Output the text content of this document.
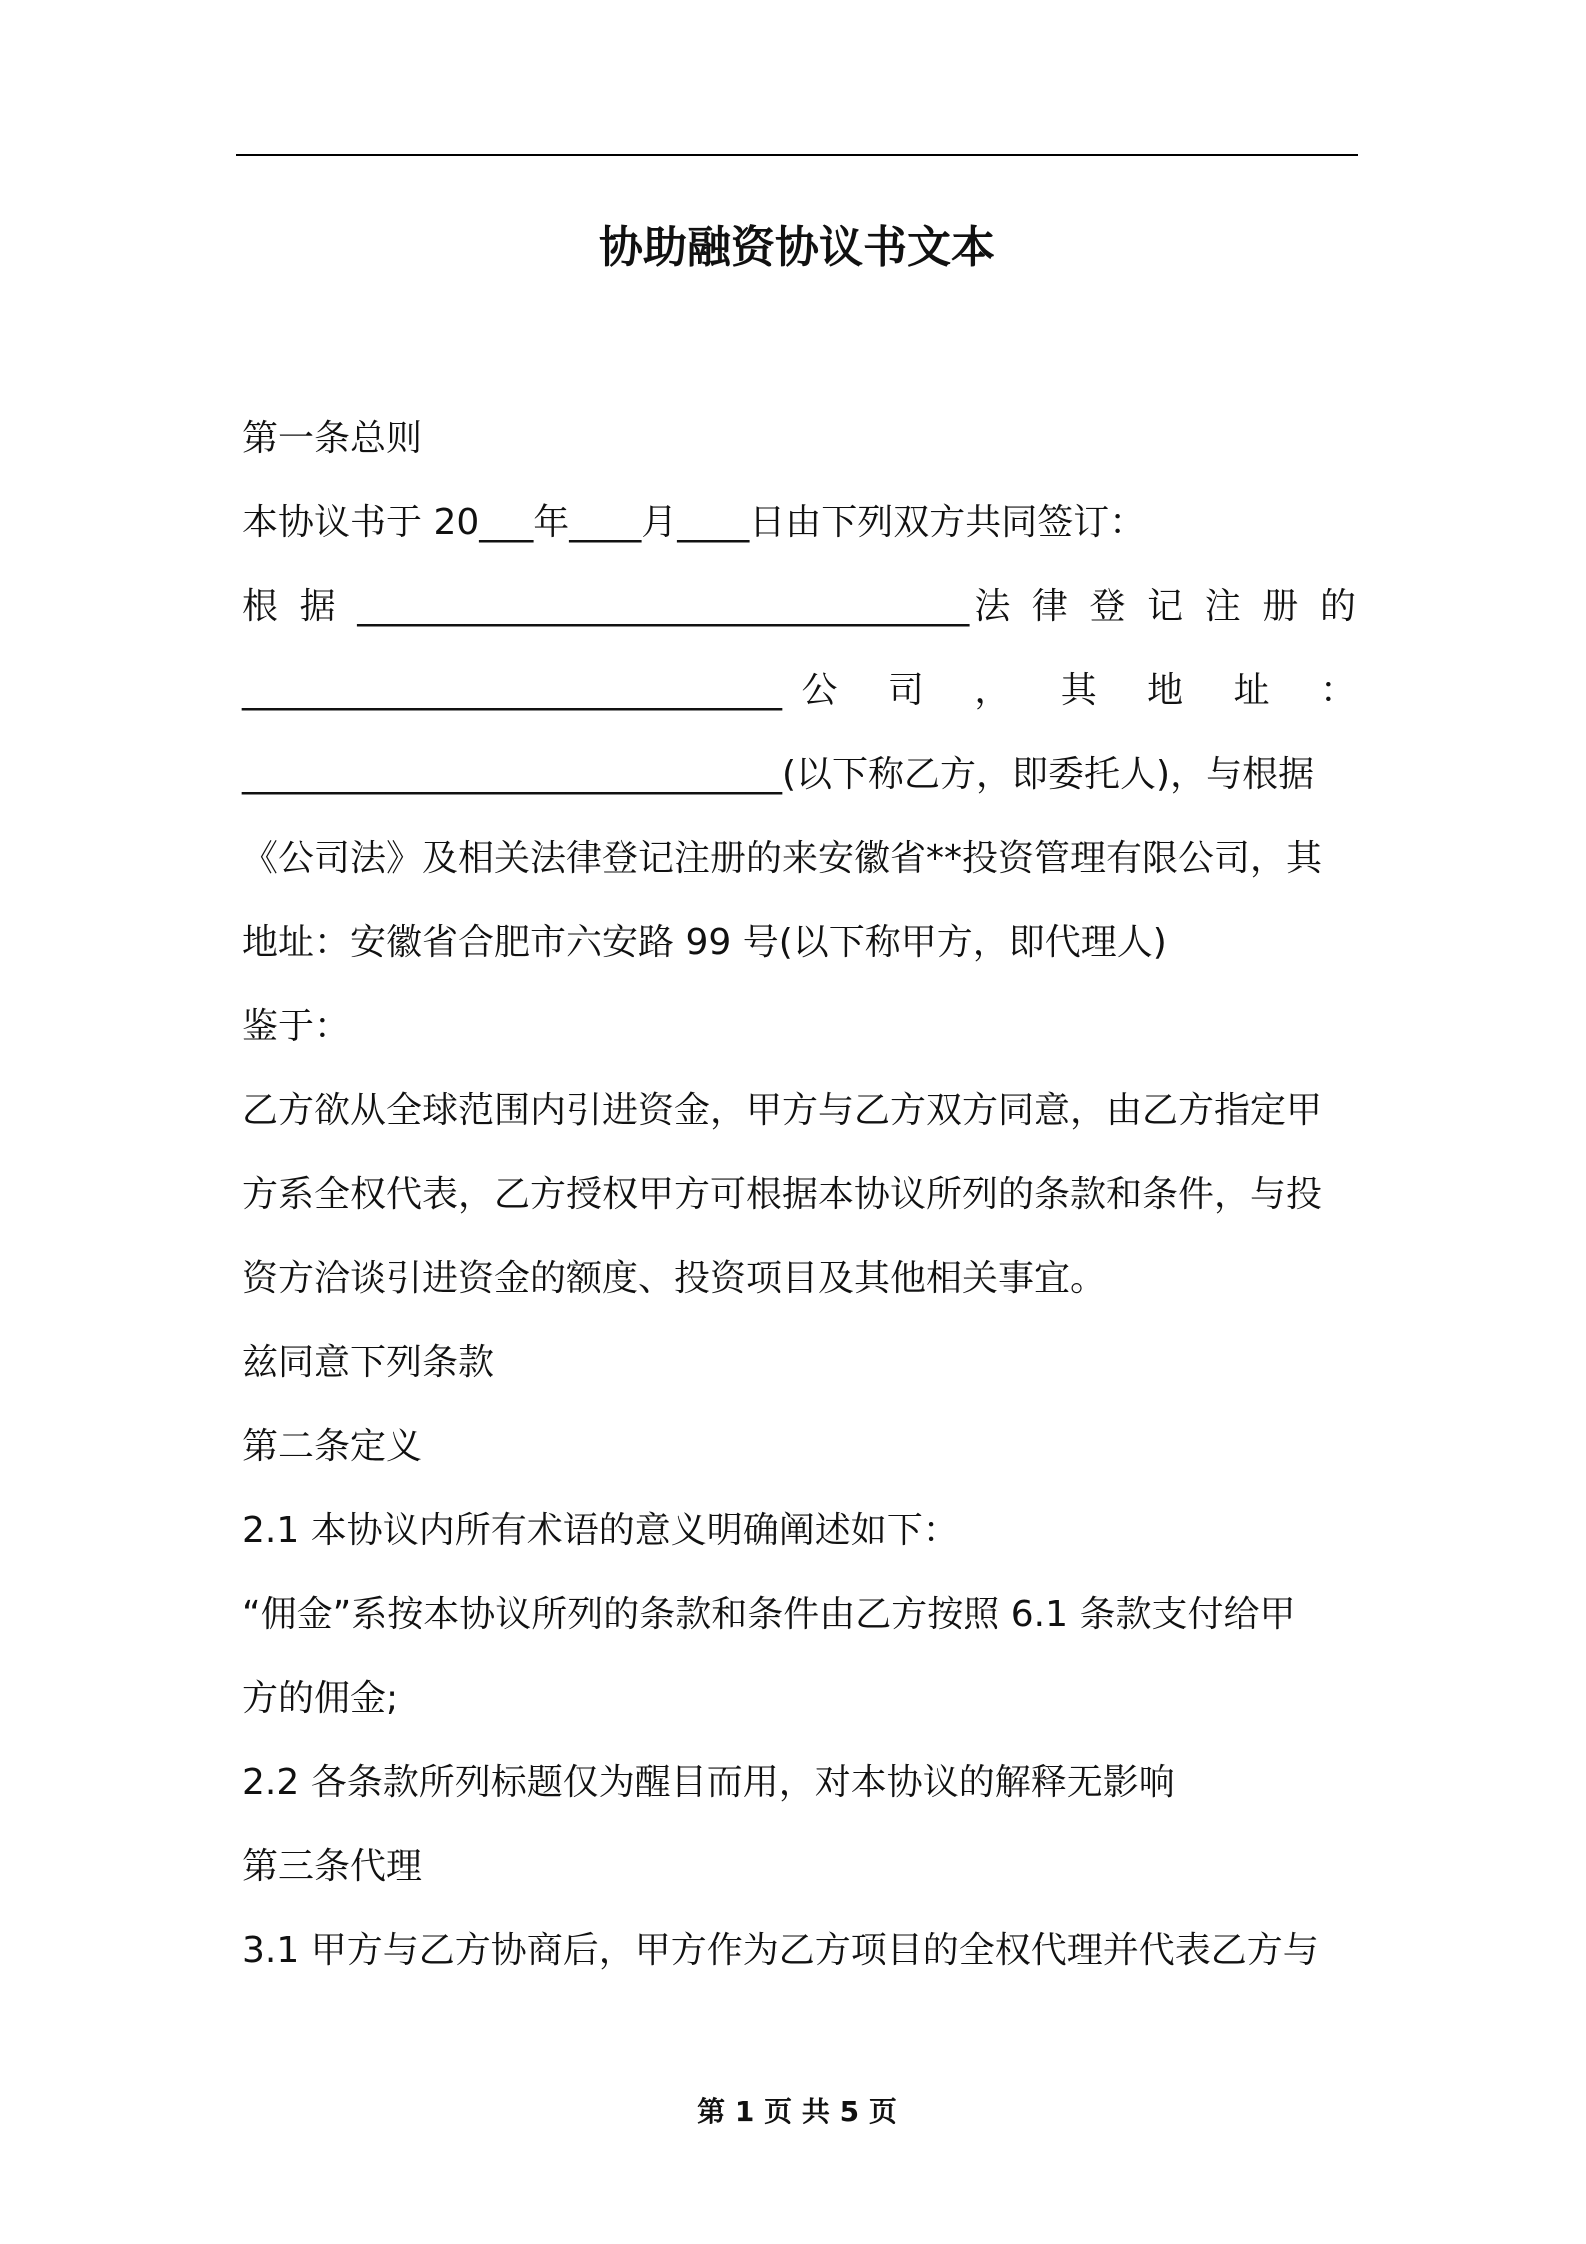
协助融资协议书文本
第一条总则
本协议书于 20___年____月____日由下列双方共同签订：
根 据 __________________________________法 律 登 记 注 册 的
______________________________公 司 ， 其 地 址 ：
______________________________(以下称乙方，即委托人)，与根据
《公司法》及相关法律登记注册的来安徽省**投资管理有限公司，其
地址：安徽省合肥市六安路 99 号(以下称甲方，即代理人)
鉴于：
乙方欲从全球范围内引进资金，甲方与乙方双方同意，由乙方指定甲
方系全权代表，乙方授权甲方可根据本协议所列的条款和条件，与投
资方洽谈引进资金的额度、投资项目及其他相关事宜。
兹同意下列条款
第二条定义
2.1 本协议内所有术语的意义明确阐述如下：
“佣金”系按本协议所列的条款和条件由乙方按照 6.1 条款支付给甲
方的佣金;
2.2 各条款所列标题仅为醒目而用，对本协议的解释无影响
第三条代理
3.1 甲方与乙方协商后，甲方作为乙方项目的全权代理并代表乙方与
第 1 页 共 5 页
